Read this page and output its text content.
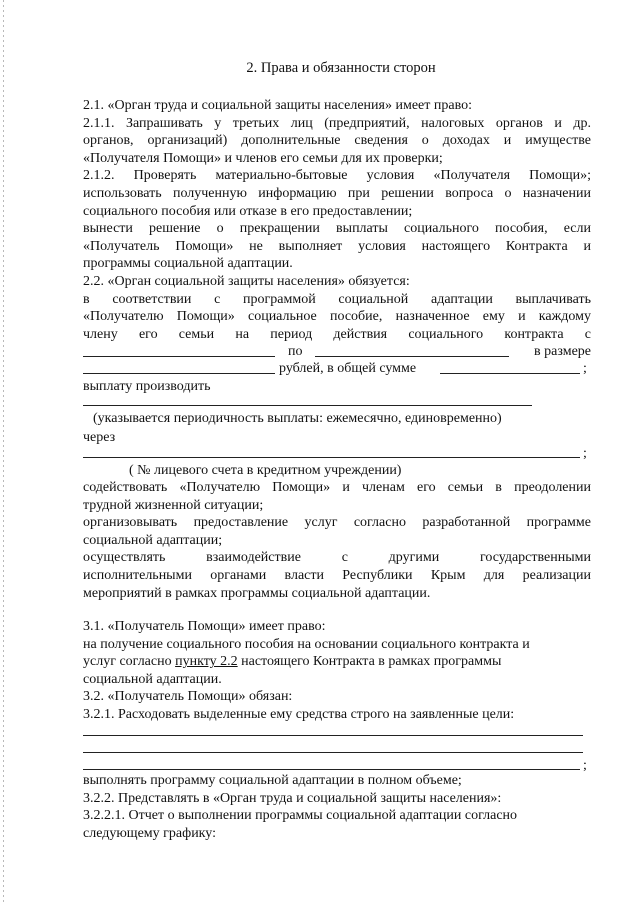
2. Права и обязанности сторон
2.1. «Орган труда и социальной защиты населения» имеет право:
2.1.1. Запрашивать у третьих лиц (предприятий, налоговых органов и др.
органов, организаций) дополнительные сведения о доходах и имуществе
«Получателя Помощи» и членов его семьи для их проверки;
2.1.2. Проверять материально-бытовые условия «Получателя Помощи»;
использовать полученную информацию при решении вопроса о назначении
социального пособия или отказе в его предоставлении;
вынести решение о прекращении выплаты социального пособия, если
«Получатель Помощи» не выполняет условия настоящего Контракта и
программы социальной адаптации.
2.2. «Орган социальной защиты населения» обязуется:
в соответствии с программой социальной адаптации выплачивать
«Получателю Помощи» социальное пособие, назначенное ему и каждому
члену его семьи на период действия социального контракта с
по	в размере
рублей, в общей сумме	;
выплату производить
(указывается периодичность выплаты: ежемесячно, единовременно)
через
;
( № лицевого счета в кредитном учреждении)
содействовать «Получателю Помощи» и членам его семьи в преодолении
трудной жизненной ситуации;
организовывать предоставление услуг согласно разработанной программе
социальной адаптации;
осуществлять взаимодействие с другими государственными
исполнительными органами власти Республики Крым для реализации
мероприятий в рамках программы социальной адаптации.
3.1. «Получатель Помощи» имеет право:
на получение социального пособия на основании социального контракта и
услуг согласно пункту 2.2 настоящего Контракта в рамках программы
социальной адаптации.
3.2. «Получатель Помощи» обязан:
3.2.1. Расходовать выделенные ему средства строго на заявленные цели:
;
выполнять программу социальной адаптации в полном объеме;
3.2.2. Представлять в «Орган труда и социальной защиты населения»:
3.2.2.1. Отчет о выполнении программы социальной адаптации согласно
следующему графику:
